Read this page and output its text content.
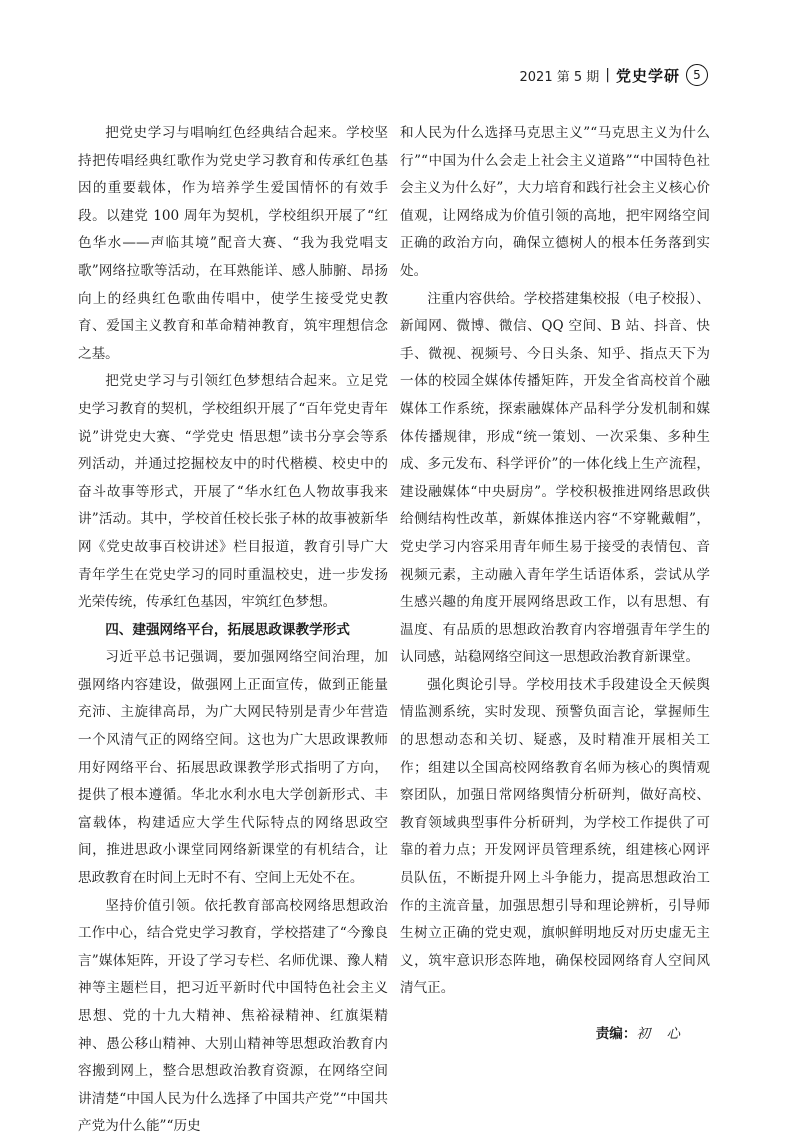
2021 第 5 期 | 党史学研	5

把党史学习与唱响红色经典结合起来。学校坚持把传唱经典红歌作为党史学习教育和传承红色基因的重要载体，作为培养学生爱国情怀的有效手段。以建党 100 周年为契机，学校组织开展了“红色华水——声临其境”配音大赛、“我为我党唱支歌”网络拉歌等活动，在耳熟能详、感人肺腑、昂扬向上的经典红色歌曲传唱中，使学生接受党史教育、爱国主义教育和革命精神教育，筑牢理想信念之基。

把党史学习与引领红色梦想结合起来。立足党史学习教育的契机，学校组织开展了“百年党史青年说”讲党史大赛、“学党史 悟思想”读书分享会等系列活动，并通过挖掘校友中的时代楷模、校史中的奋斗故事等形式，开展了“华水红色人物故事我来讲”活动。其中，学校首任校长张子林的故事被新华网《党史故事百校讲述》栏目报道，教育引导广大青年学生在党史学习的同时重温校史，进一步发扬光荣传统，传承红色基因，牢筑红色梦想。

四、建强网络平台，拓展思政课教学形式

习近平总书记强调，要加强网络空间治理，加强网络内容建设，做强网上正面宣传，做到正能量充沛、主旋律高昂，为广大网民特别是青少年营造一个风清气正的网络空间。这也为广大思政课教师用好网络平台、拓展思政课教学形式指明了方向，提供了根本遵循。华北水利水电大学创新形式、丰富载体，构建适应大学生代际特点的网络思政空间，推进思政小课堂同网络新课堂的有机结合，让思政教育在时间上无时不有、空间上无处不在。

坚持价值引领。依托教育部高校网络思想政治工作中心，结合党史学习教育，学校搭建了“今豫良言”媒体矩阵，开设了学习专栏、名师优课、豫人精神等主题栏目，把习近平新时代中国特色社会主义思想、党的十九大精神、焦裕禄精神、红旗渠精神、愚公移山精神、大别山精神等思想政治教育内容搬到网上，整合思想政治教育资源，在网络空间讲清楚“中国人民为什么选择了中国共产党”“中国共产党为什么能”“历史

和人民为什么选择马克思主义”“马克思主义为什么行”“中国为什么会走上社会主义道路”“中国特色社会主义为什么好”，大力培育和践行社会主义核心价值观，让网络成为价值引领的高地，把牢网络空间正确的政治方向，确保立德树人的根本任务落到实处。

注重内容供给。学校搭建集校报（电子校报）、新闻网、微博、微信、QQ 空间、B 站、抖音、快手、微视、视频号、今日头条、知乎、指点天下为一体的校园全媒体传播矩阵，开发全省高校首个融媒体工作系统，探索融媒体产品科学分发机制和媒体传播规律，形成“统一策划、一次采集、多种生成、多元发布、科学评价”的一体化线上生产流程，建设融媒体“中央厨房”。学校积极推进网络思政供给侧结构性改革，新媒体推送内容“不穿靴戴帽”，党史学习内容采用青年师生易于接受的表情包、音视频元素，主动融入青年学生话语体系，尝试从学生感兴趣的角度开展网络思政工作，以有思想、有温度、有品质的思想政治教育内容增强青年学生的认同感，站稳网络空间这一思想政治教育新课堂。

强化舆论引导。学校用技术手段建设全天候舆情监测系统，实时发现、预警负面言论，掌握师生的思想动态和关切、疑惑，及时精准开展相关工作；组建以全国高校网络教育名师为核心的舆情观察团队，加强日常网络舆情分析研判，做好高校、教育领域典型事件分析研判，为学校工作提供了可靠的着力点；开发网评员管理系统，组建核心网评员队伍，不断提升网上斗争能力，提高思想政治工作的主流音量，加强思想引导和理论辨析，引导师生树立正确的党史观，旗帜鲜明地反对历史虚无主义，筑牢意识形态阵地，确保校园网络育人空间风清气正。

责编：初 心
